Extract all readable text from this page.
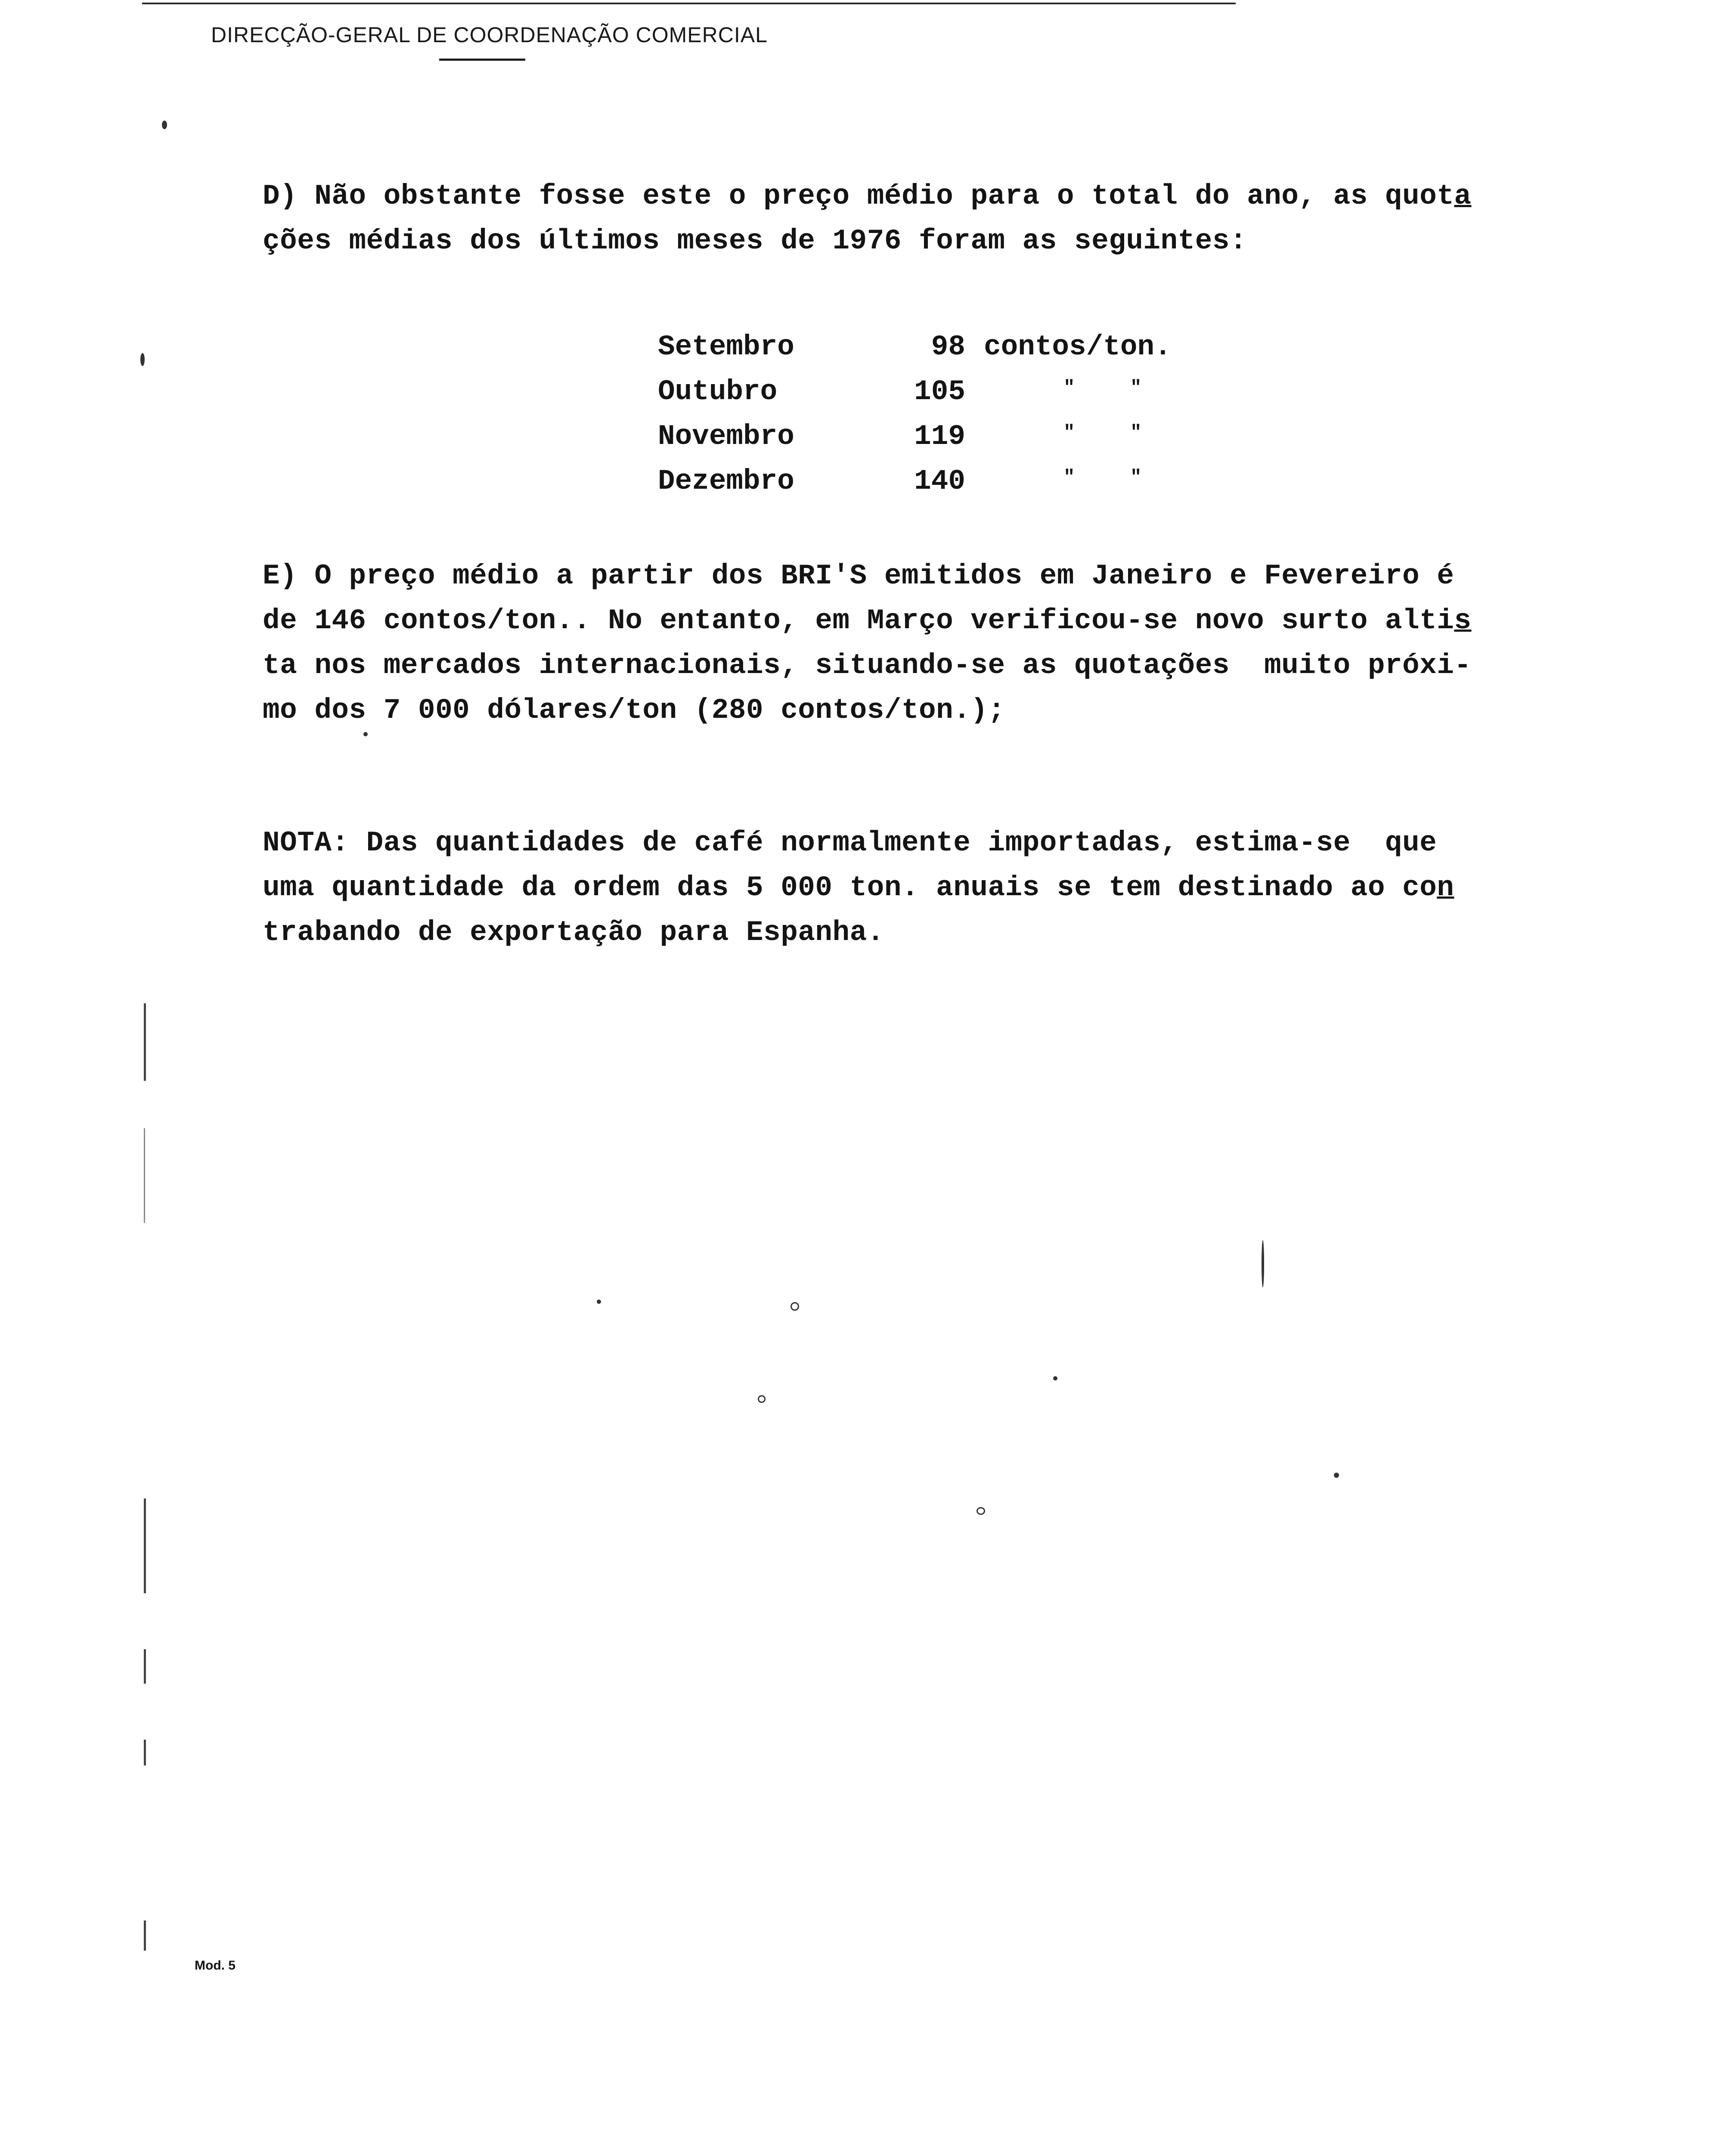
DIRECÇÃO-GERAL DE COORDENAÇÃO COMERCIAL
D) Não obstante fosse este o preço médio para o total do ano, as quota
ções médias dos últimos meses de 1976 foram as seguintes:
Setembro	98 contos/ton.
Outubro	105	"	"
Novembro	119	"	"
Dezembro	140	"	"
E) O preço médio a partir dos BRI'S emitidos em Janeiro e Fevereiro é
de 146 contos/ton.. No entanto, em Março verificou-se novo surto altis
ta nos mercados internacionais, situando-se as quotações  muito próxi-
mo dos 7 000 dólares/ton (280 contos/ton.);
NOTA: Das quantidades de café normalmente importadas, estima-se  que
uma quantidade da ordem das 5 000 ton. anuais se tem destinado ao con
trabando de exportação para Espanha.
Mod. 5
